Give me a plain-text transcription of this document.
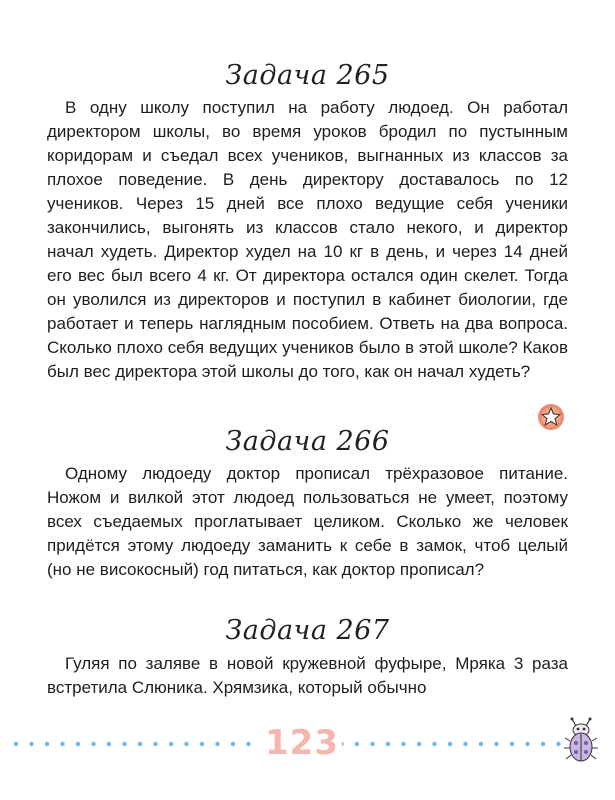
Задача 265

В одну школу поступил на работу людоед. Он работал директором школы, во время уроков бродил по пустынным коридорам и съедал всех учеников, выгнанных из классов за плохое поведение. В день директору доставалось по 12 учеников. Через 15 дней все плохо ведущие себя ученики закончились, выгонять из классов стало некого, и директор начал худеть. Директор худел на 10 кг в день, и через 14 дней его вес был всего 4 кг. От директора остался один скелет. Тогда он уволился из директоров и поступил в кабинет биологии, где работает и теперь наглядным пособием. Ответь на два вопроса. Сколько плохо себя ведущих учеников было в этой школе? Каков был вес директора этой школы до того, как он начал худеть?

Задача 266

Одному людоеду доктор прописал трёхразовое питание. Ножом и вилкой этот людоед пользоваться не умеет, поэтому всех съедаемых проглатывает целиком. Сколько же человек придётся этому людоеду заманить к себе в замок, чтоб целый (но не високосный) год питаться, как доктор прописал?

Задача 267

Гуляя по заляве в новой кружевной фуфыре, Мряка 3 раза встретила Слюника. Хрямзика, который обычно

123
